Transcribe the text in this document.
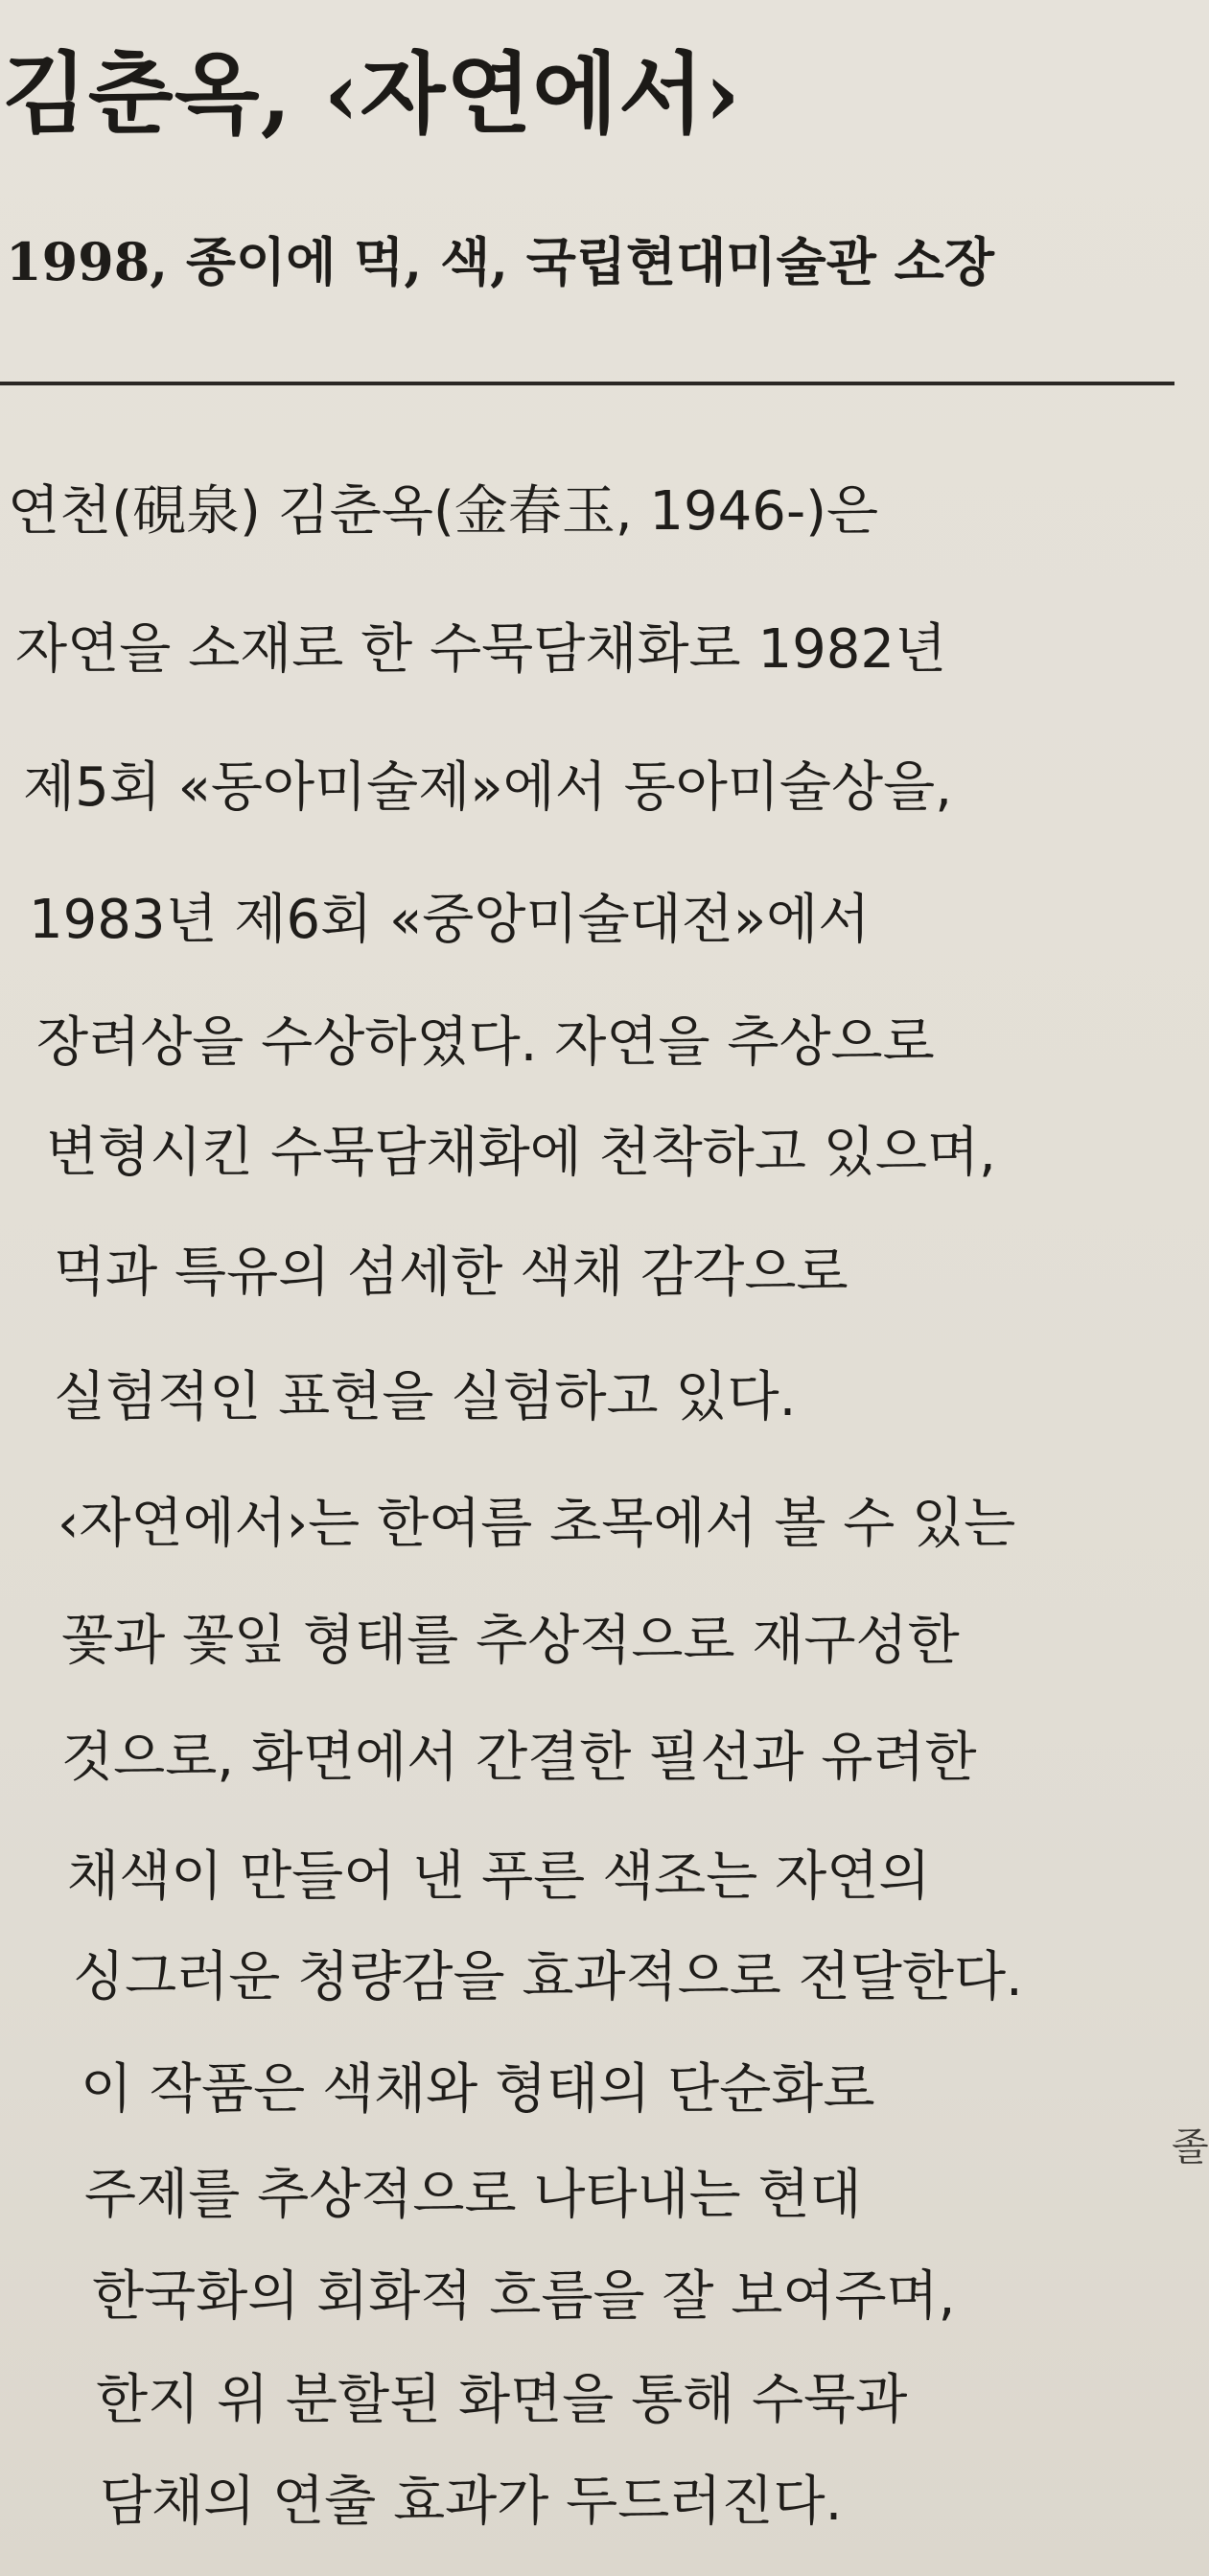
김춘옥, ‹자연에서›
1998, 종이에 먹, 색, 국립현대미술관 소장

연천(硯泉) 김춘옥(金春玉, 1946-)은

자연을 소재로 한 수묵담채화로 1982년

제5회 «동아미술제»에서 동아미술상을,

1983년 제6회 «중앙미술대전»에서

장려상을 수상하였다. 자연을 추상으로

변형시킨 수묵담채화에 천착하고 있으며,

먹과 특유의 섬세한 색채 감각으로

실험적인 표현을 실험하고 있다.

‹자연에서›는 한여름 초목에서 볼 수 있는

꽃과 꽃잎 형태를 추상적으로 재구성한

것으로, 화면에서 간결한 필선과 유려한

채색이 만들어 낸 푸른 색조는 자연의

싱그러운 청량감을 효과적으로 전달한다.

이 작품은 색채와 형태의 단순화로

주제를 추상적으로 나타내는 현대

한국화의 회화적 흐름을 잘 보여주며,

한지 위 분할된 화면을 통해 수묵과

담채의 연출 효과가 두드러진다.

졸
